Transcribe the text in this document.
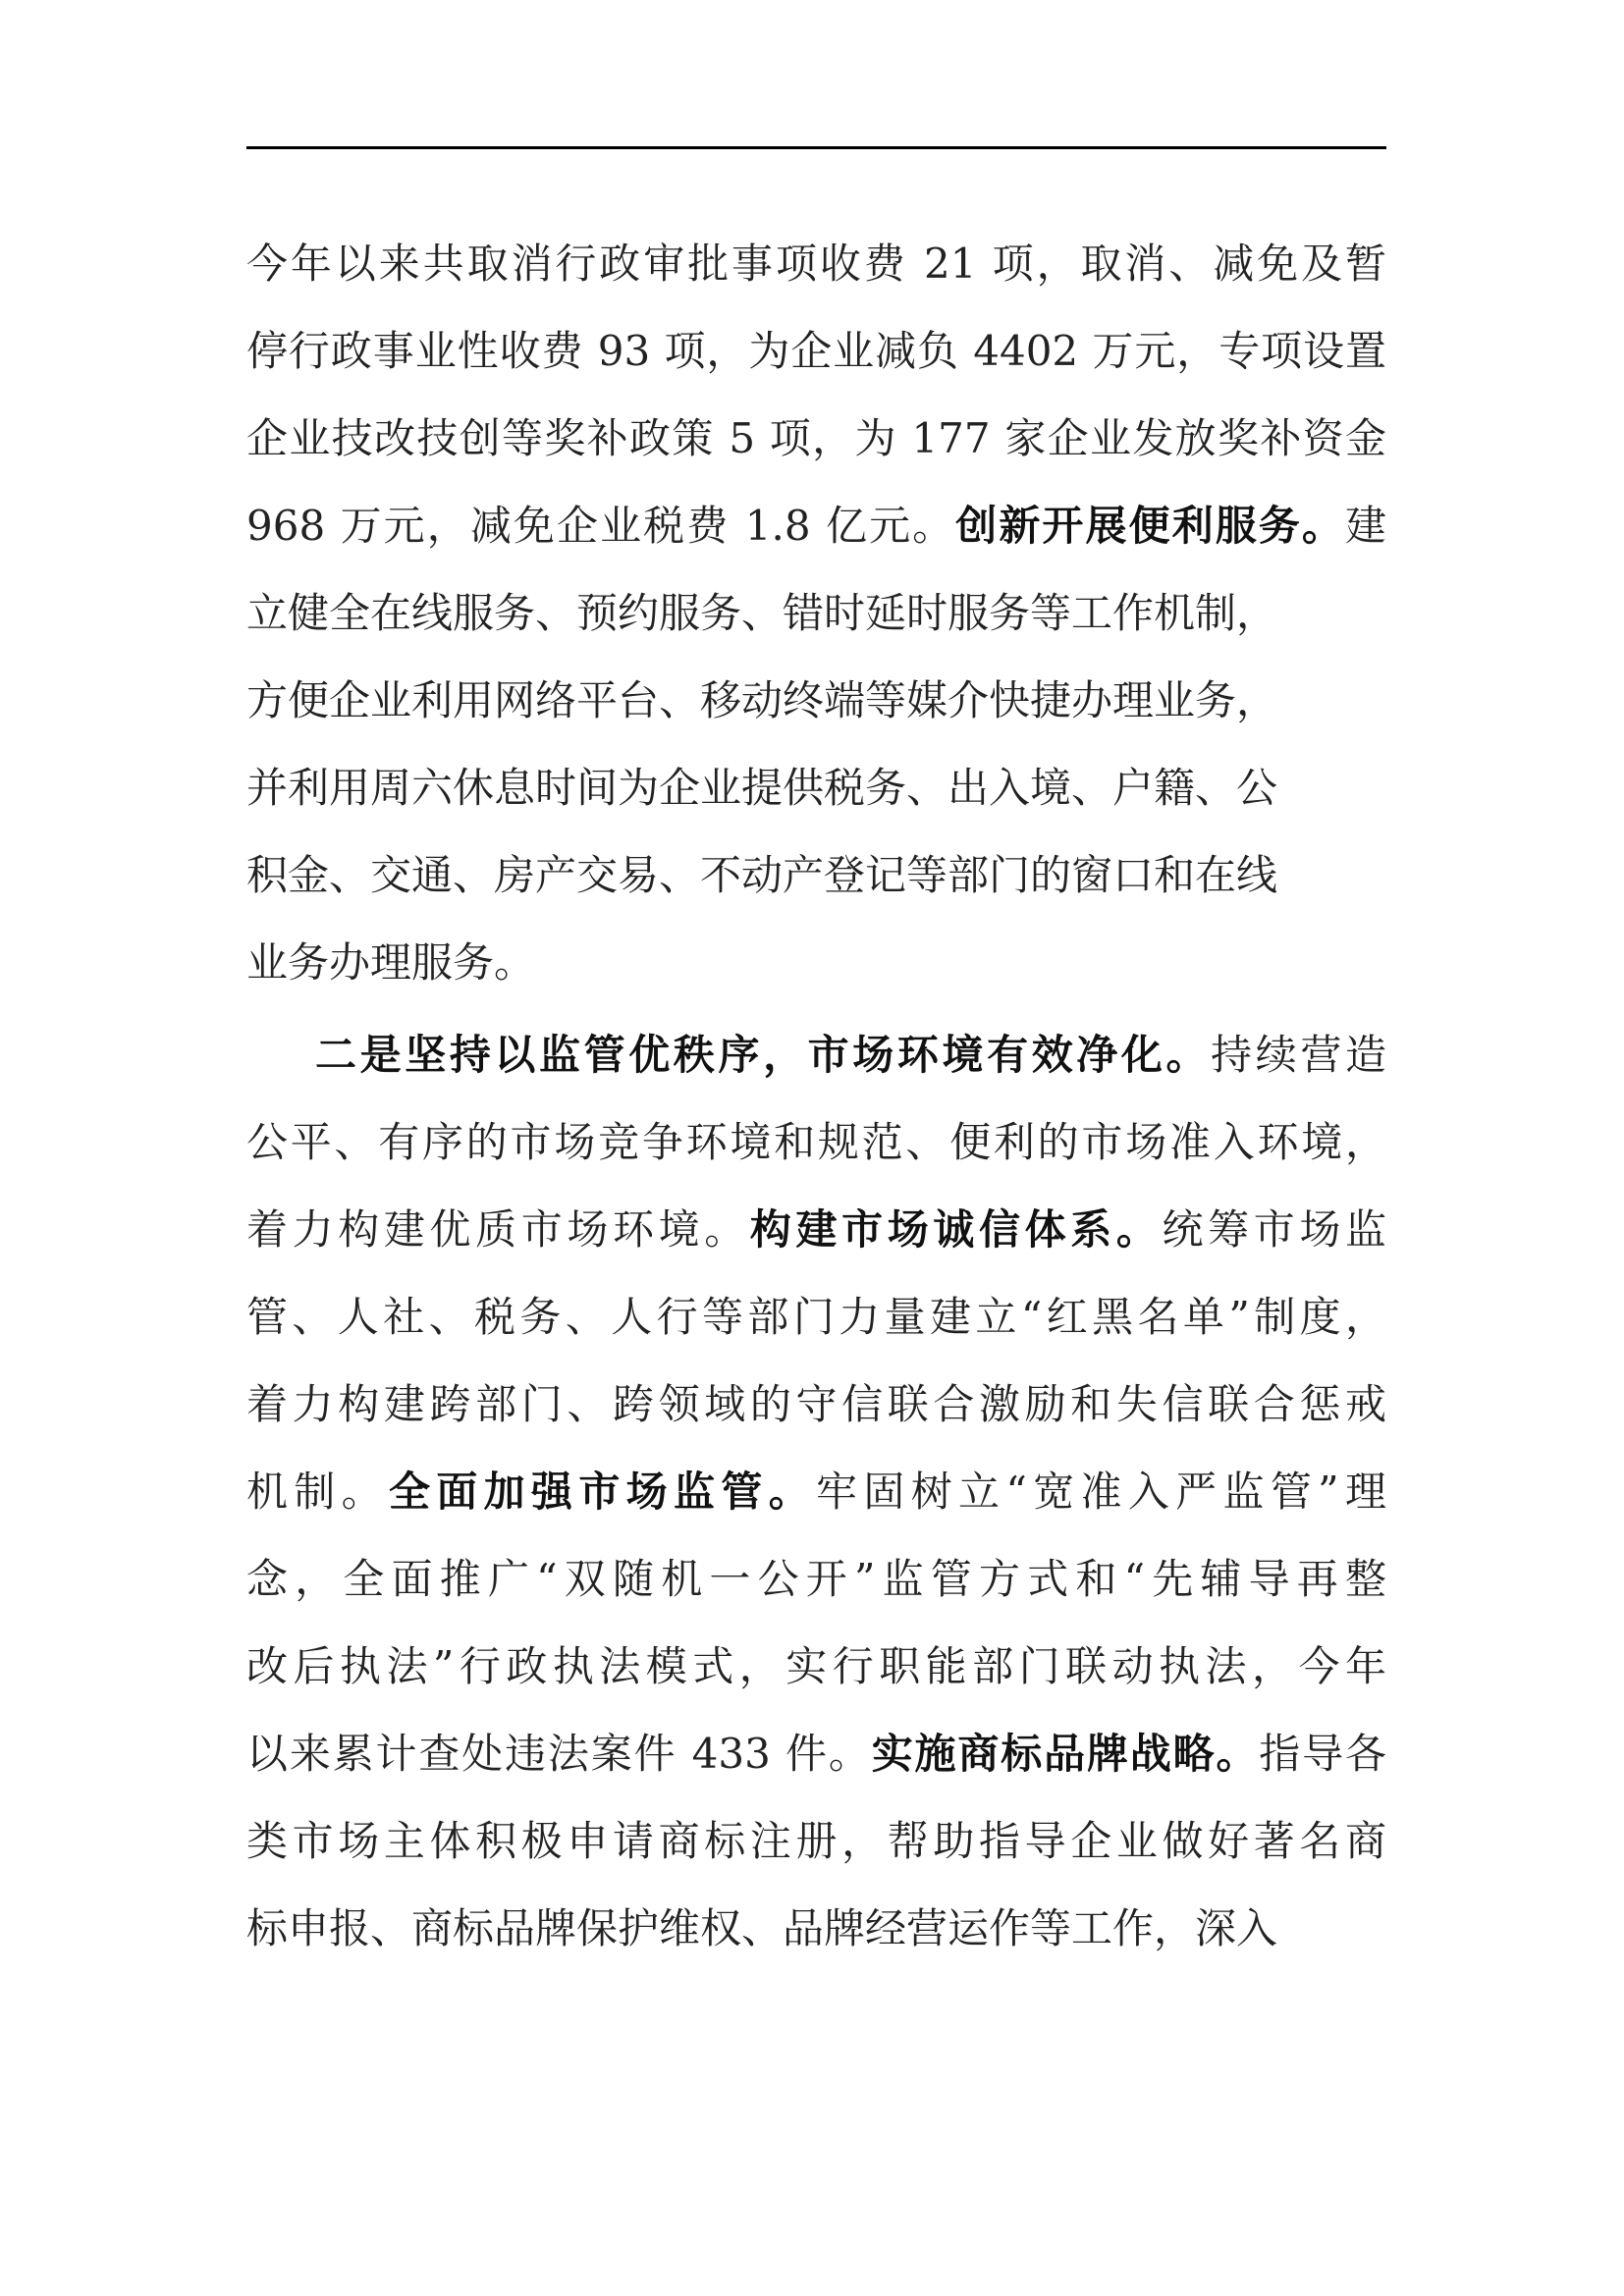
今年以来共取消行政审批事项收费 21 项，取消、减免及暂
停行政事业性收费 93 项，为企业减负 4402 万元，专项设置
企业技改技创等奖补政策 5 项，为 177 家企业发放奖补资金
968 万元，减免企业税费 1.8 亿元。创新开展便利服务。建
立健全在线服务、预约服务、错时延时服务等工作机制，
方便企业利用网络平台、移动终端等媒介快捷办理业务，
并利用周六休息时间为企业提供税务、出入境、户籍、公
积金、交通、房产交易、不动产登记等部门的窗口和在线
业务办理服务。

二是坚持以监管优秩序，市场环境有效净化。持续营造
公平、有序的市场竞争环境和规范、便利的市场准入环境，
着力构建优质市场环境。构建市场诚信体系。统筹市场监
管、人社、税务、人行等部门力量建立“红黑名单”制度，
着力构建跨部门、跨领域的守信联合激励和失信联合惩戒
机制。全面加强市场监管。牢固树立“宽准入严监管”理
念，全面推广“双随机一公开”监管方式和“先辅导再整
改后执法”行政执法模式，实行职能部门联动执法，今年
以来累计查处违法案件 433 件。实施商标品牌战略。指导各
类市场主体积极申请商标注册，帮助指导企业做好著名商
标申报、商标品牌保护维权、品牌经营运作等工作，深入
